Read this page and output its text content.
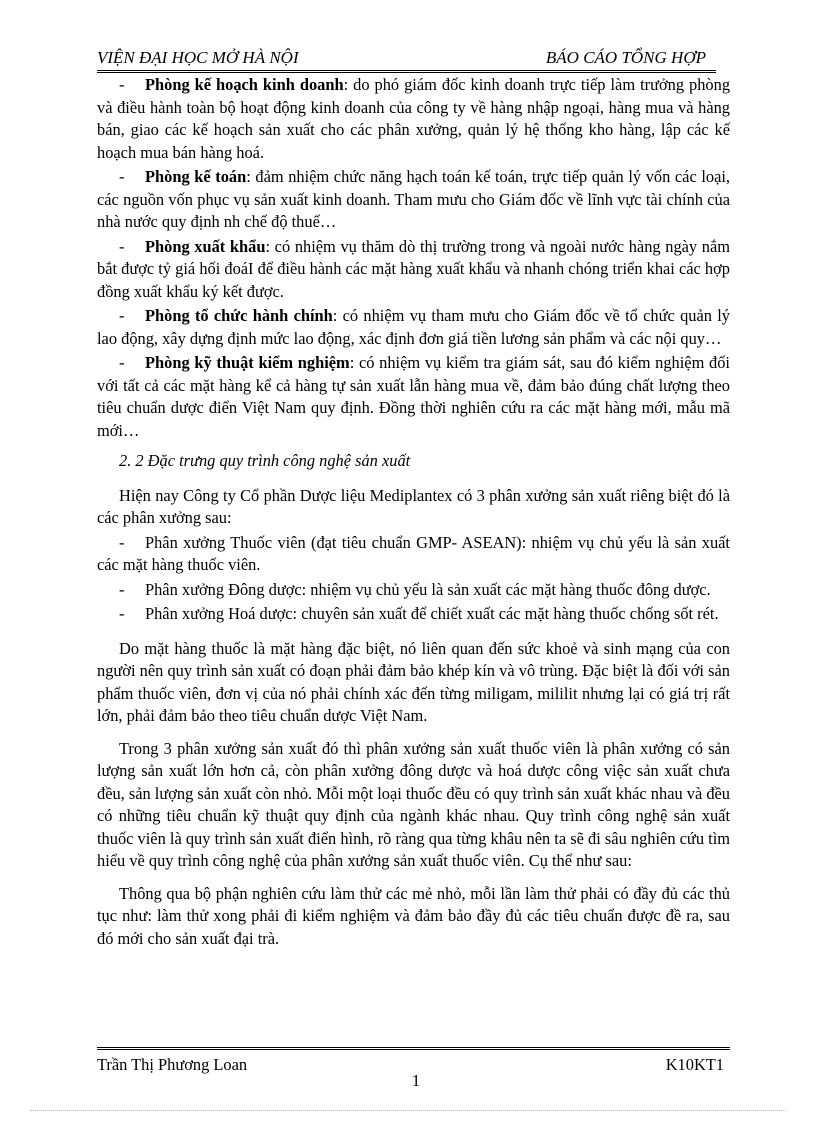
VIỆN ĐẠI HỌC MỞ HÀ NỘI	BÁO CÁO TỔNG HỢP

- Phòng kế hoạch kinh doanh: do phó giám đốc kinh doanh trực tiếp làm trưởng phòng và điều hành toàn bộ hoạt động kinh doanh của công ty về hàng nhập ngoại, hàng mua và hàng bán, giao các kế hoạch sản xuất cho các phân xưởng, quản lý hệ thống kho hàng, lập các kế hoạch mua bán hàng hoá.

- Phòng kế toán: đảm nhiệm chức năng hạch toán kế toán, trực tiếp quản lý vốn các loại, các nguồn vốn phục vụ sản xuất kinh doanh. Tham mưu cho Giám đốc về lĩnh vực tài chính của nhà nước quy định nh chế độ thuế…

- Phòng xuất khẩu: có nhiệm vụ thăm dò thị trường trong và ngoài nước hàng ngày nắm bắt được tỷ giá hối đoáI để điều hành các mặt hàng xuất khẩu và nhanh chóng triển khai các hợp đồng xuất khẩu ký kết được.

- Phòng tổ chức hành chính: có nhiệm vụ tham mưu cho Giám đốc về tổ chức quản lý lao động, xây dựng định mức lao động, xác định đơn giá tiền lương sản phẩm và các nội quy…

- Phòng kỹ thuật kiểm nghiệm: có nhiệm vụ kiểm tra giám sát, sau đó kiểm nghiệm đối với tất cả các mặt hàng kể cả hàng tự sản xuất lẫn hàng mua về, đảm bảo đúng chất lượng theo tiêu chuẩn dược điển Việt Nam quy định. Đồng thời nghiên cứu ra các mặt hàng mới, mẫu mã mới…

2. 2 Đặc trưng quy trình công nghệ sản xuất

Hiện nay Công ty Cổ phần Dược liệu Mediplantex có 3 phân xưởng sản xuất riêng biệt đó là các phân xưởng sau:

- Phân xưởng Thuốc viên (đạt tiêu chuẩn GMP- ASEAN): nhiệm vụ chủ yếu là sản xuất các mặt hàng thuốc viên.

- Phân xưởng Đông dược: nhiệm vụ chủ yếu là sản xuất các mặt hàng thuốc đông dược.

- Phân xưởng Hoá dược: chuyên sản xuất để chiết xuất các mặt hàng thuốc chống sốt rét.

Do mặt hàng thuốc là mặt hàng đặc biệt, nó liên quan đến sức khoẻ và sinh mạng của con người nên quy trình sản xuất có đoạn phải đảm bảo khép kín và vô trùng. Đặc biệt là đối với sản phẩm thuốc viên, đơn vị của nó phải chính xác đến từng miligam, mililit nhưng lại có giá trị rất lớn, phải đảm bảo theo tiêu chuẩn dược Việt Nam.

Trong 3 phân xưởng sản xuất đó thì phân xưởng sản xuất thuốc viên là phân xưởng có sản lượng sản xuất lớn hơn cả, còn phân xưởng đông dược và hoá dược công việc sản xuất chưa đều, sản lượng sản xuất còn nhỏ. Mỗi một loại thuốc đều có quy trình sản xuất khác nhau và đều có những tiêu chuẩn kỹ thuật quy định của ngành khác nhau. Quy trình công nghệ sản xuất thuốc viên là quy trình sản xuất điển hình, rõ ràng qua từng khâu nên ta sẽ đi sâu nghiên cứu tìm hiểu về quy trình công nghệ của phân xưởng sản xuất thuốc viên. Cụ thể như sau:

Thông qua bộ phận nghiên cứu làm thử các mẻ nhỏ, mỗi lần làm thử phải có đầy đủ các thủ tục như: làm thử xong phải đi kiểm nghiệm và đảm bảo đầy đủ các tiêu chuẩn được đề ra, sau đó mới cho sản xuất đại trà.

Trần Thị Phương Loan	K10KT1
1
